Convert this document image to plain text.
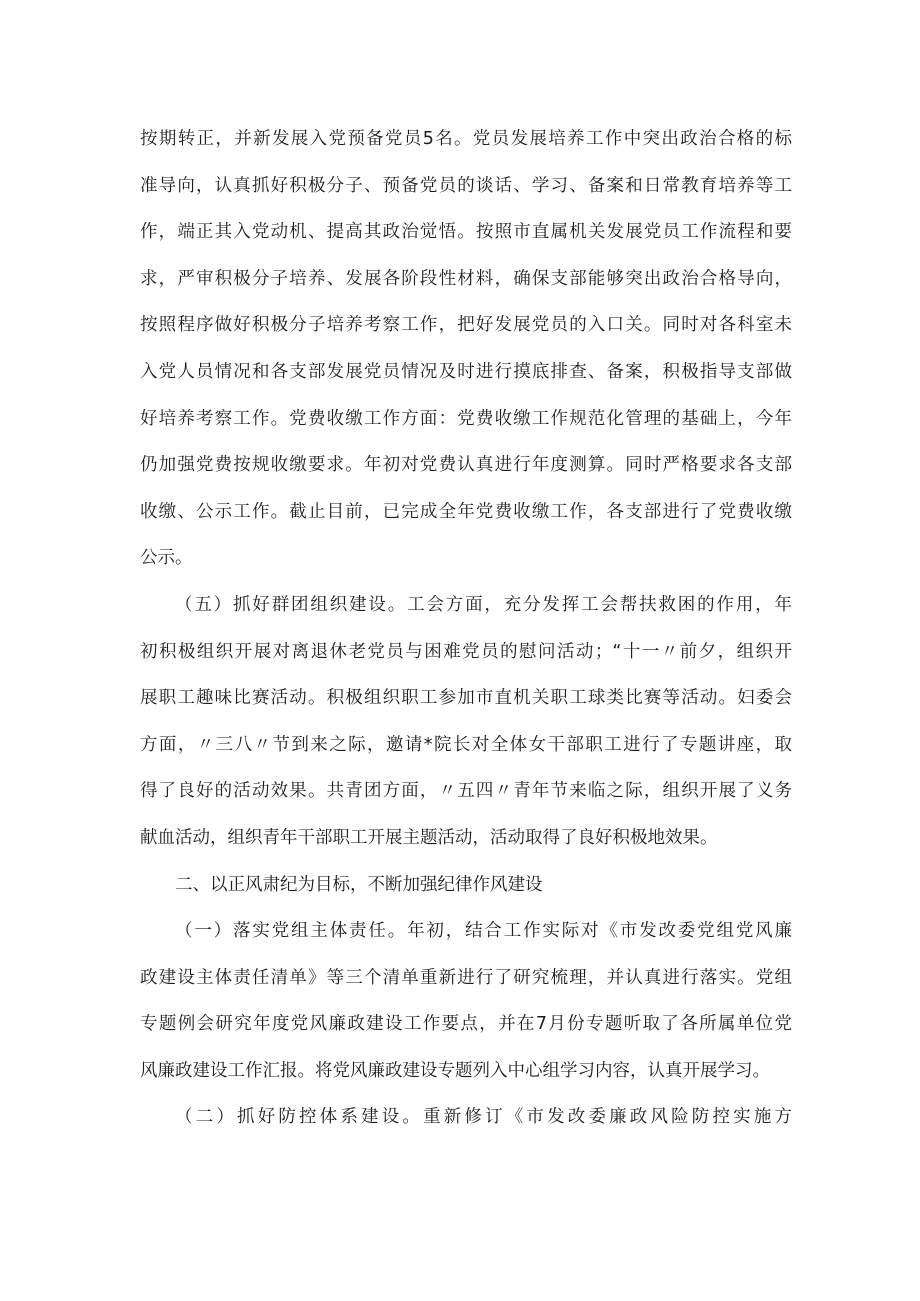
按期转正，并新发展入党预备党员5名。党员发展培养工作中突出政治合格的标
准导向，认真抓好积极分子、预备党员的谈话、学习、备案和日常教育培养等工
作，端正其入党动机、提高其政治觉悟。按照市直属机关发展党员工作流程和要
求，严审积极分子培养、发展各阶段性材料，确保支部能够突出政治合格导向，
按照程序做好积极分子培养考察工作，把好发展党员的入口关。同时对各科室未
入党人员情况和各支部发展党员情况及时进行摸底排查、备案，积极指导支部做
好培养考察工作。党费收缴工作方面：党费收缴工作规范化管理的基础上，今年
仍加强党费按规收缴要求。年初对党费认真进行年度测算。同时严格要求各支部
收缴、公示工作。截止目前，已完成全年党费收缴工作，各支部进行了党费收缴
公示。
（五）抓好群团组织建设。工会方面，充分发挥工会帮扶救困的作用，年
初积极组织开展对离退休老党员与困难党员的慰问活动；“十一〃前夕，组织开
展职工趣味比赛活动。积极组织职工参加市直机关职工球类比赛等活动。妇委会
方面，〃三八〃节到来之际，邀请*院长对全体女干部职工进行了专题讲座，取
得了良好的活动效果。共青团方面，〃五四〃青年节来临之际，组织开展了义务
献血活动，组织青年干部职工开展主题活动，活动取得了良好积极地效果。
二、以正风肃纪为目标，不断加强纪律作风建设
（一）落实党组主体责任。年初，结合工作实际对《市发改委党组党风廉
政建设主体责任清单》等三个清单重新进行了研究梳理，并认真进行落实。党组
专题例会研究年度党风廉政建设工作要点，并在7月份专题听取了各所属单位党
风廉政建设工作汇报。将党风廉政建设专题列入中心组学习内容，认真开展学习。
（二）抓好防控体系建设。重新修订《市发改委廉政风险防控实施方
